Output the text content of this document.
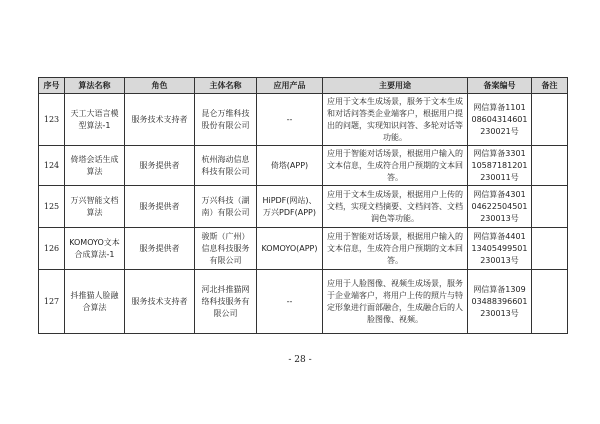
序号	算法名称	角色	主体名称	应用产品	主要用途	备案编号	备注
123	天工大语言模型算法-1	服务技术支持者	昆仑万维科技股份有限公司	--	应用于文本生成场景，服务于文本生成和对话问答类企业端客户，根据用户提出的问题，实现知识问答、多轮对话等功能。	网信算备110108604314601230021号	
124	倚塔会话生成算法	服务提供者	杭州海动信息科技有限公司	倚塔(APP)	应用于智能对话场景，根据用户输入的文本信息，生成符合用户预期的文本回答。	网信算备330110587181201230011号	
125	万兴智能文档算法	服务提供者	万兴科技（湖南）有限公司	HiPDF(网站)、万兴PDF(APP)	应用于文本生成场景，根据用户上传的文档，实现文档摘要、文档问答、文档润色等功能。	网信算备430104622504501230013号	
126	KOMOYO文本合成算法-1	服务提供者	骏斯（广州）信息科技服务有限公司	KOMOYO(APP)	应用于智能对话场景，根据用户输入的文本信息，生成符合用户预期的文本回答。	网信算备440113405499501230013号	
127	抖推猫人脸融合算法	服务技术支持者	河北抖推猫网络科技服务有限公司	--	应用于人脸图像、视频生成场景，服务于企业端客户，将用户上传的照片与特定形象进行面部融合，生成融合后的人脸图像、视频。	网信算备130903488396601230013号	
- 28 -
